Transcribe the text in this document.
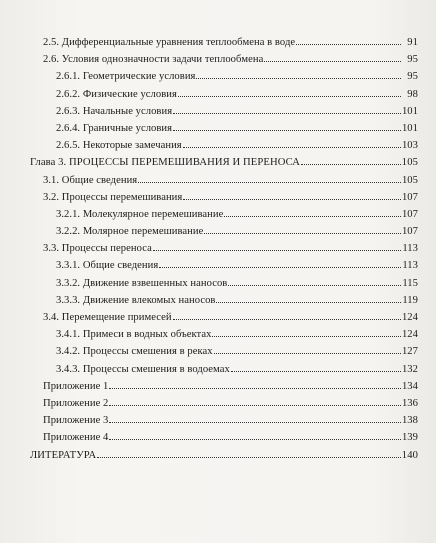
2.5. Дифференциальные уравнения теплообмена в воде	91
2.6. Условия однозначности задачи теплообмена	95
2.6.1. Геометрические условия	95
2.6.2. Физические условия	98
2.6.3. Начальные условия	101
2.6.4. Граничные условия	101
2.6.5. Некоторые замечания	103
Глава 3. ПРОЦЕССЫ ПЕРЕМЕШИВАНИЯ И ПЕРЕНОСА	105
3.1. Общие сведения	105
3.2. Процессы перемешивания	107
3.2.1. Молекулярное перемешивание	107
3.2.2. Молярное перемешивание	107
3.3. Процессы переноса	113
3.3.1. Общие сведения	113
3.3.2. Движение взвешенных наносов	115
3.3.3. Движение влекомых наносов	119
3.4. Перемещение примесей	124
3.4.1. Примеси в водных объектах	124
3.4.2. Процессы смешения в реках	127
3.4.3. Процессы смешения в водоемах	132
Приложение 1	134
Приложение 2	136
Приложение 3	138
Приложение 4	139
ЛИТЕРАТУРА	140
